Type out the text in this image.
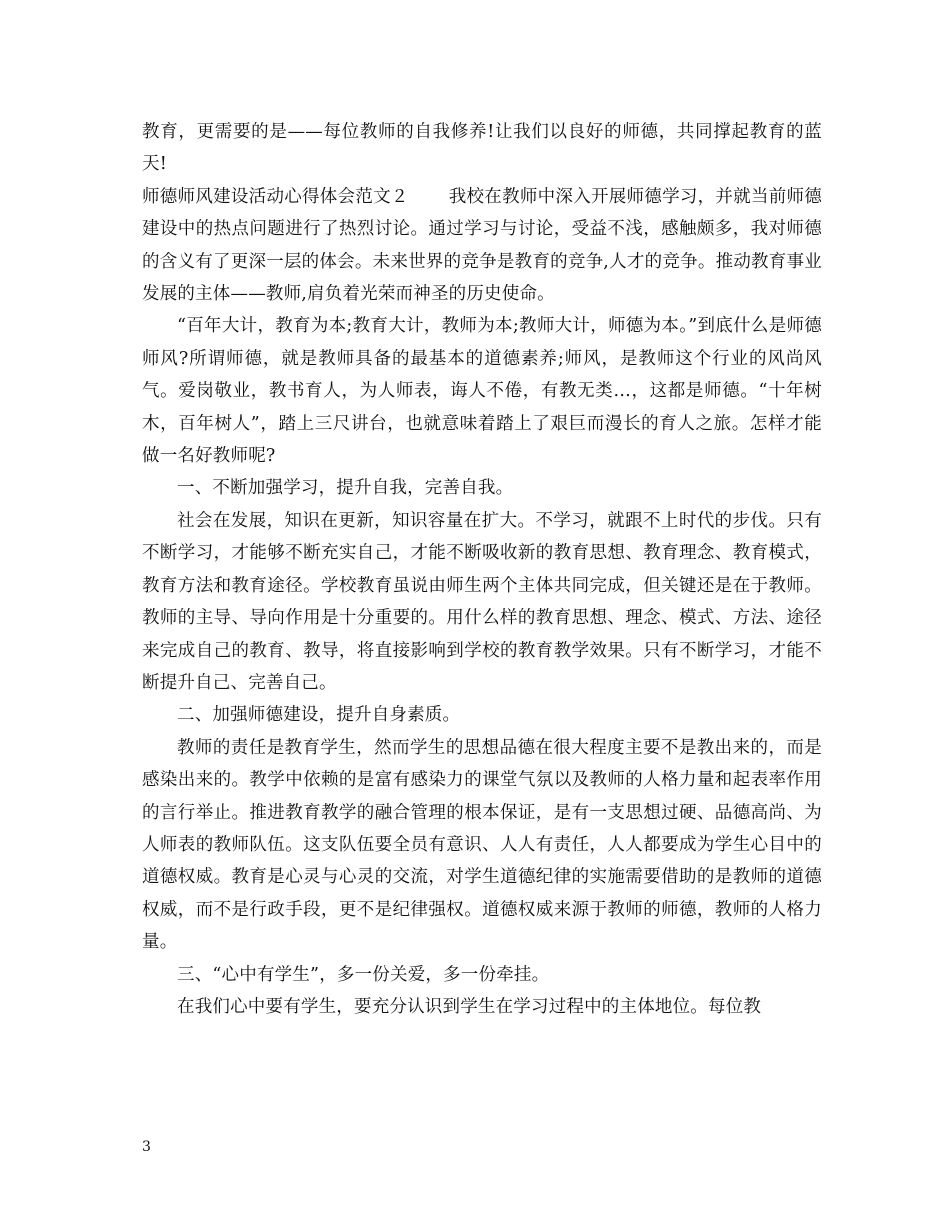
教育，更需要的是——每位教师的自我修养!让我们以良好的师德，共同撑起教育的蓝天!

师德师风建设活动心得体会范文２ 我校在教师中深入开展师德学习，并就当前师德建设中的热点问题进行了热烈讨论。通过学习与讨论，受益不浅，感触颇多，我对师德的含义有了更深一层的体会。未来世界的竞争是教育的竞争,人才的竞争。推动教育事业发展的主体——教师,肩负着光荣而神圣的历史使命。

“百年大计，教育为本;教育大计，教师为本;教师大计，师德为本。”到底什么是师德师风?所谓师德，就是教师具备的最基本的道德素养;师风，是教师这个行业的风尚风气。爱岗敬业，教书育人，为人师表，诲人不倦，有教无类…，这都是师德。“十年树木，百年树人”，踏上三尺讲台，也就意味着踏上了艰巨而漫长的育人之旅。怎样才能做一名好教师呢?

一、不断加强学习，提升自我，完善自我。

社会在发展，知识在更新，知识容量在扩大。不学习，就跟不上时代的步伐。只有不断学习，才能够不断充实自己，才能不断吸收新的教育思想、教育理念、教育模式，教育方法和教育途径。学校教育虽说由师生两个主体共同完成，但关键还是在于教师。教师的主导、导向作用是十分重要的。用什么样的教育思想、理念、模式、方法、途径来完成自己的教育、教导，将直接影响到学校的教育教学效果。只有不断学习，才能不断提升自己、完善自己。

二、加强师德建设，提升自身素质。

教师的责任是教育学生，然而学生的思想品德在很大程度主要不是教出来的，而是感染出来的。教学中依赖的是富有感染力的课堂气氛以及教师的人格力量和起表率作用的言行举止。推进教育教学的融合管理的根本保证，是有一支思想过硬、品德高尚、为人师表的教师队伍。这支队伍要全员有意识、人人有责任，人人都要成为学生心目中的道德权威。教育是心灵与心灵的交流，对学生道德纪律的实施需要借助的是教师的道德权威，而不是行政手段，更不是纪律强权。道德权威来源于教师的师德，教师的人格力量。

三、“心中有学生”，多一份关爱，多一份牵挂。

在我们心中要有学生，要充分认识到学生在学习过程中的主体地位。每位教

3
